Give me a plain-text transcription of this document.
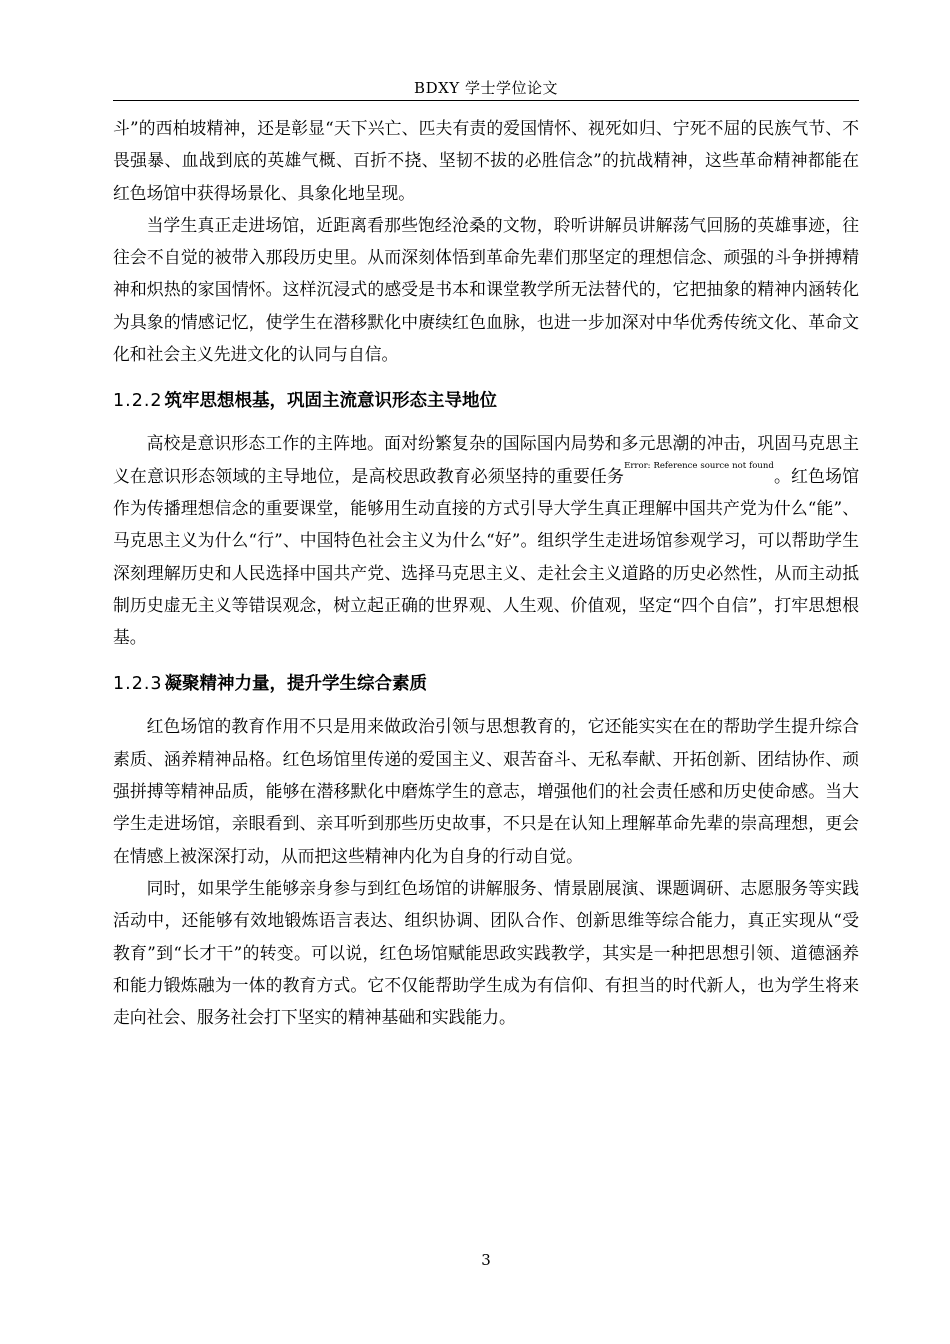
BDXY 学士学位论文

斗”的西柏坡精神，还是彰显“天下兴亡、匹夫有责的爱国情怀、视死如归、宁死不屈的民族气节、不畏强暴、血战到底的英雄气概、百折不挠、坚韧不拔的必胜信念”的抗战精神，这些革命精神都能在红色场馆中获得场景化、具象化地呈现。

当学生真正走进场馆，近距离看那些饱经沧桑的文物，聆听讲解员讲解荡气回肠的英雄事迹，往往会不自觉的被带入那段历史里。从而深刻体悟到革命先辈们那坚定的理想信念、顽强的斗争拼搏精神和炽热的家国情怀。这样沉浸式的感受是书本和课堂教学所无法替代的，它把抽象的精神内涵转化为具象的情感记忆，使学生在潜移默化中赓续红色血脉，也进一步加深对中华优秀传统文化、革命文化和社会主义先进文化的认同与自信。

1.2.2 筑牢思想根基，巩固主流意识形态主导地位

高校是意识形态工作的主阵地。面对纷繁复杂的国际国内局势和多元思潮的冲击，巩固马克思主义在意识形态领域的主导地位，是高校思政教育必须坚持的重要任务$^{Error: Reference source not found}$。红色场馆作为传播理想信念的重要课堂，能够用生动直接的方式引导大学生真正理解中国共产党为什么“能”、马克思主义为什么“行”、中国特色社会主义为什么“好”。组织学生走进场馆参观学习，可以帮助学生深刻理解历史和人民选择中国共产党、选择马克思主义、走社会主义道路的历史必然性，从而主动抵制历史虚无主义等错误观念，树立起正确的世界观、人生观、价值观，坚定“四个自信”，打牢思想根基。

1.2.3 凝聚精神力量，提升学生综合素质

红色场馆的教育作用不只是用来做政治引领与思想教育的，它还能实实在在的帮助学生提升综合素质、涵养精神品格。红色场馆里传递的爱国主义、艰苦奋斗、无私奉献、开拓创新、团结协作、顽强拼搏等精神品质，能够在潜移默化中磨炼学生的意志，增强他们的社会责任感和历史使命感。当大学生走进场馆，亲眼看到、亲耳听到那些历史故事，不只是在认知上理解革命先辈的崇高理想，更会在情感上被深深打动，从而把这些精神内化为自身的行动自觉。

同时，如果学生能够亲身参与到红色场馆的讲解服务、情景剧展演、课题调研、志愿服务等实践活动中，还能够有效地锻炼语言表达、组织协调、团队合作、创新思维等综合能力，真正实现从“受教育”到“长才干”的转变。可以说，红色场馆赋能思政实践教学，其实是一种把思想引领、道德涵养和能力锻炼融为一体的教育方式。它不仅能帮助学生成为有信仰、有担当的时代新人，也为学生将来走向社会、服务社会打下坚实的精神基础和实践能力。

3
